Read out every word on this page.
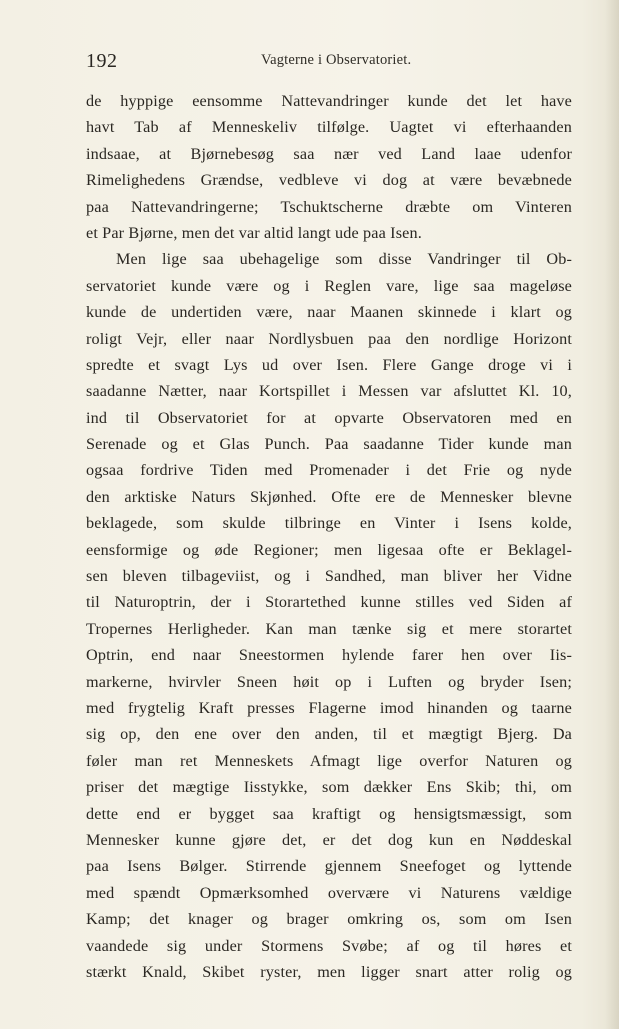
192	Vagterne i Observatoriet.
de hyppige eensomme Nattevandringer kunde det let have
havt Tab af Menneskeliv tilfølge. Uagtet vi efterhaanden
indsaae, at Bjørnebesøg saa nær ved Land laae udenfor
Rimelighedens Grændse, vedbleve vi dog at være bevæbnede
paa Nattevandringerne; Tschuktscherne dræbte om Vinteren
et Par Bjørne, men det var altid langt ude paa Isen.
Men lige saa ubehagelige som disse Vandringer til Ob-
servatoriet kunde være og i Reglen vare, lige saa mageløse
kunde de undertiden være, naar Maanen skinnede i klart og
roligt Vejr, eller naar Nordlysbuen paa den nordlige Horizont
spredte et svagt Lys ud over Isen. Flere Gange droge vi i
saadanne Nætter, naar Kortspillet i Messen var afsluttet Kl. 10,
ind til Observatoriet for at opvarte Observatoren med en
Serenade og et Glas Punch. Paa saadanne Tider kunde man
ogsaa fordrive Tiden med Promenader i det Frie og nyde
den arktiske Naturs Skjønhed. Ofte ere de Mennesker blevne
beklagede, som skulde tilbringe en Vinter i Isens kolde,
eensformige og øde Regioner; men ligesaa ofte er Beklagel-
sen bleven tilbageviist, og i Sandhed, man bliver her Vidne
til Naturoptrin, der i Storartethed kunne stilles ved Siden af
Tropernes Herligheder. Kan man tænke sig et mere storartet
Optrin, end naar Sneestormen hylende farer hen over Iis-
markerne, hvirvler Sneen høit op i Luften og bryder Isen;
med frygtelig Kraft presses Flagerne imod hinanden og taarne
sig op, den ene over den anden, til et mægtigt Bjerg. Da
føler man ret Menneskets Afmagt lige overfor Naturen og
priser det mægtige Iisstykke, som dækker Ens Skib; thi, om
dette end er bygget saa kraftigt og hensigtsmæssigt, som
Mennesker kunne gjøre det, er det dog kun en Nøddeskal
paa Isens Bølger. Stirrende gjennem Sneefoget og lyttende
med spændt Opmærksomhed overvære vi Naturens vældige
Kamp; det knager og brager omkring os, som om Isen
vaandede sig under Stormens Svøbe; af og til høres et
stærkt Knald, Skibet ryster, men ligger snart atter rolig og
